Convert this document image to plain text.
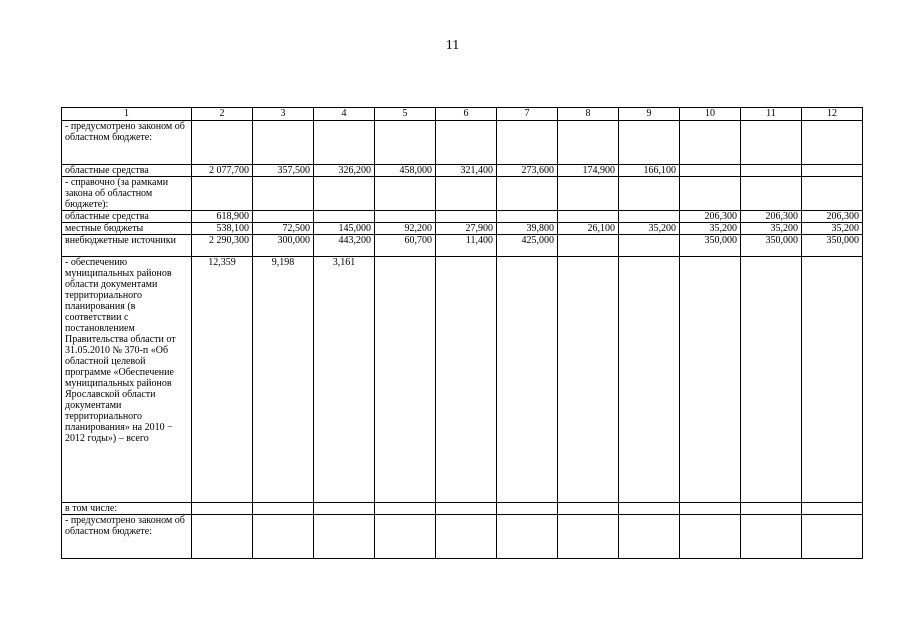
11
1	2	3	4	5	6	7	8	9	10	11	12
- предусмотрено законом об областном бюджете:											
областные средства	2 077,700	357,500	326,200	458,000	321,400	273,600	174,900	166,100			
- справочно (за рамками закона об областном бюджете):											
областные средства	618,900								206,300	206,300	206,300
местные бюджеты	538,100	72,500	145,000	92,200	27,900	39,800	26,100	35,200	35,200	35,200	35,200
внебюджетные источники	2 290,300	300,000	443,200	60,700	11,400	425,000			350,000	350,000	350,000
- обеспечению муниципальных районов области документами территориального планирования (в соответствии с постановлением Правительства области от 31.05.2010 № 370-п «Об областной целевой программе «Обеспечение муниципальных районов Ярославской области документами территориального планирования» на 2010 − 2012 годы») – всего	12,359	9,198	3,161								
в том числе:											
- предусмотрено законом об областном бюджете:											
